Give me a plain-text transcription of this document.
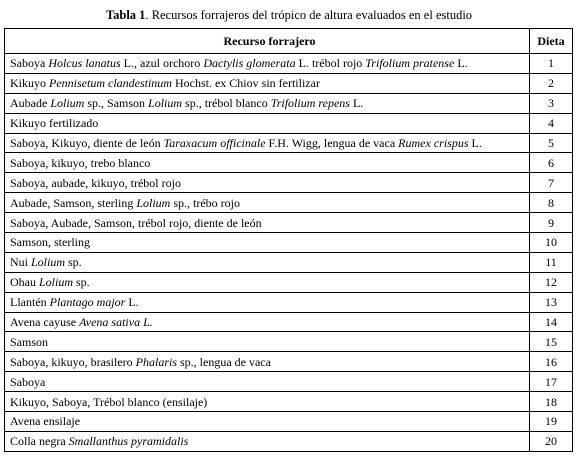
Tabla 1. Recursos forrajeros del trópico de altura evaluados en el estudio
Recurso forrajero	Dieta
Saboya Holcus lanatus L., azul orchoro Dactylis glomerata L. trébol rojo Trifolium pratense L.	1
Kikuyo Pennisetum clandestinum Hochst. ex Chiov sin fertilizar	2
Aubade Lolium sp., Samson Lolium sp., trébol blanco Trifolium repens L.	3
Kikuyo fertilizado	4
Saboya, Kikuyo, diente de león Taraxacum officinale F.H. Wigg, lengua de vaca Rumex crispus L.	5
Saboya, kikuyo, trebo blanco	6
Saboya, aubade, kikuyo, trébol rojo	7
Aubade, Samson, sterling Lolium sp., trébo rojo	8
Saboya, Aubade, Samson, trébol rojo, diente de león	9
Samson, sterling	10
Nui Lolium sp.	11
Ohau Lolium sp.	12
Llantén Plantago major L.	13
Avena cayuse Avena sativa L.	14
Samson	15
Saboya, kikuyo, brasilero Phalaris sp., lengua de vaca	16
Saboya	17
Kikuyo, Saboya, Trébol blanco (ensilaje)	18
Avena ensilaje	19
Colla negra Smallanthus pyramidalis	20
